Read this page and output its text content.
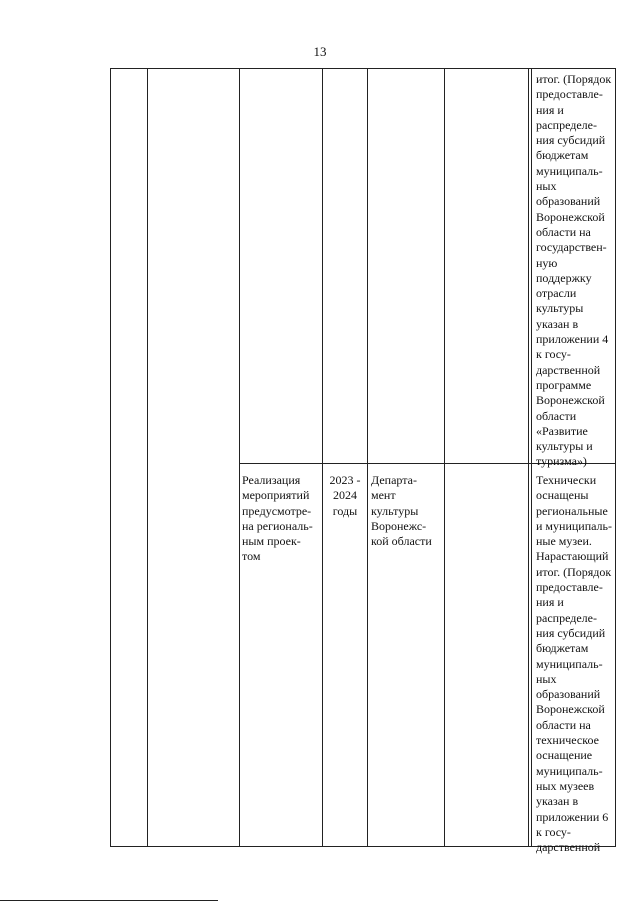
13
итог. (Порядок
предоставле-
ния и
распределе-
ния субсидий
бюджетам
муниципаль-
ных
образований
Воронежской
области на
государствен-
ную
поддержку
отрасли
культуры
указан в
приложении 4
к госу-
дарственной
программе
Воронежской
области
«Развитие
культуры и
туризма»)
Реализация
мероприятий
предусмотре-
на региональ-
ным проек-
том
2023 -
2024
годы
Департа-
мент
культуры
Воронежс-
кой области
Технически
оснащены
региональные
и муниципаль-
ные музеи.
Нарастающий
итог. (Порядок
предоставле-
ния и
распределе-
ния субсидий
бюджетам
муниципаль-
ных
образований
Воронежской
области на
техническое
оснащение
муниципаль-
ных музеев
указан в
приложении 6
к госу-
дарственной
